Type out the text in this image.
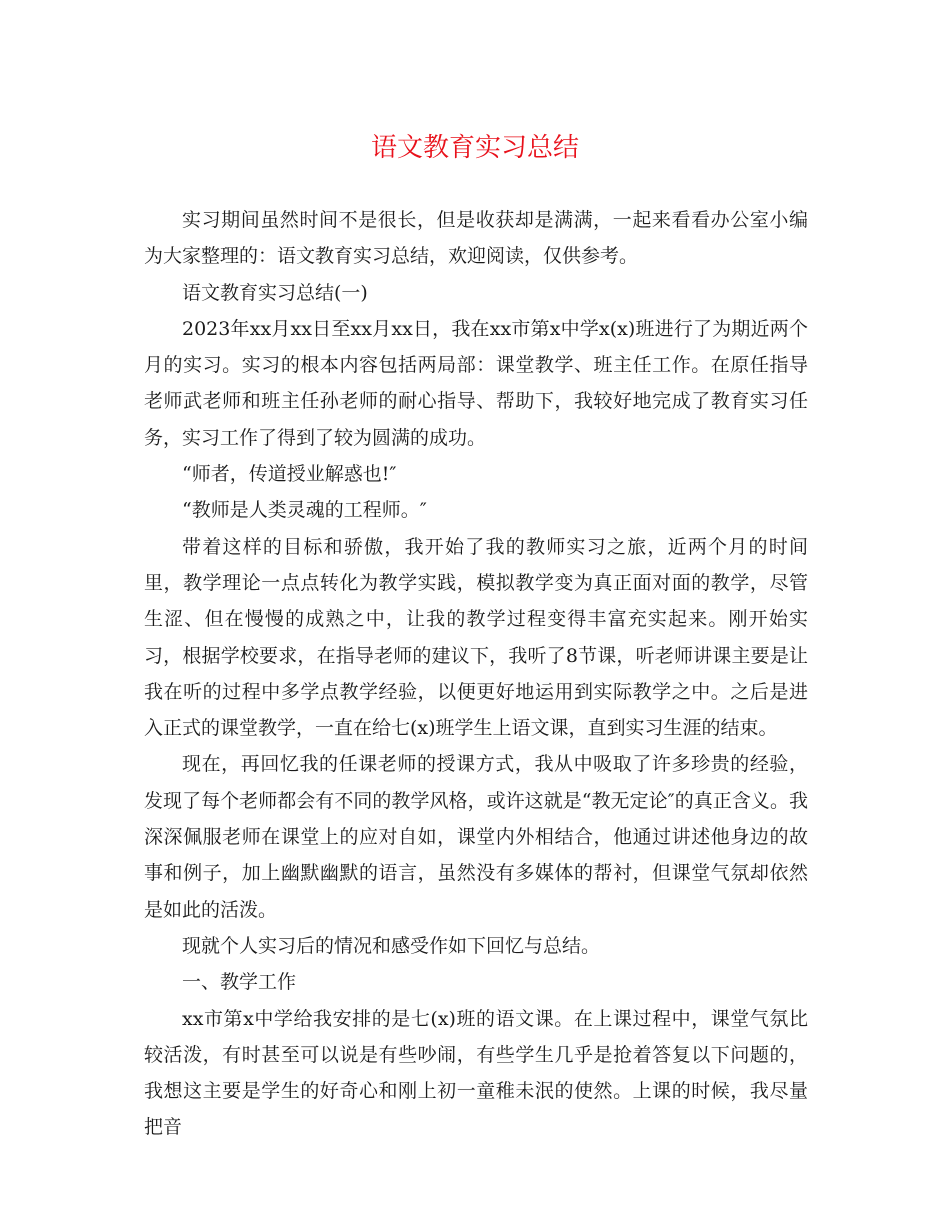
语文教育实习总结

实习期间虽然时间不是很长，但是收获却是满满，一起来看看办公室小编为大家整理的：语文教育实习总结，欢迎阅读，仅供参考。

语文教育实习总结(一)

2023年xx月xx日至xx月xx日，我在xx市第x中学x(x)班进行了为期近两个月的实习。实习的根本内容包括两局部：课堂教学、班主任工作。在原任指导老师武老师和班主任孙老师的耐心指导、帮助下，我较好地完成了教育实习任务，实习工作了得到了较为圆满的成功。

“师者，传道授业解惑也!″

“教师是人类灵魂的工程师。″

带着这样的目标和骄傲，我开始了我的教师实习之旅，近两个月的时间里，教学理论一点点转化为教学实践，模拟教学变为真正面对面的教学，尽管生涩、但在慢慢的成熟之中，让我的教学过程变得丰富充实起来。刚开始实习，根据学校要求，在指导老师的建议下，我听了8节课，听老师讲课主要是让我在听的过程中多学点教学经验，以便更好地运用到实际教学之中。之后是进入正式的课堂教学，一直在给七(x)班学生上语文课，直到实习生涯的结束。

现在，再回忆我的任课老师的授课方式，我从中吸取了许多珍贵的经验，发现了每个老师都会有不同的教学风格，或许这就是“教无定论″的真正含义。我深深佩服老师在课堂上的应对自如，课堂内外相结合，他通过讲述他身边的故事和例子，加上幽默幽默的语言，虽然没有多媒体的帮衬，但课堂气氛却依然是如此的活泼。

现就个人实习后的情况和感受作如下回忆与总结。

一、教学工作

xx市第x中学给我安排的是七(x)班的语文课。在上课过程中，课堂气氛比较活泼，有时甚至可以说是有些吵闹，有些学生几乎是抢着答复以下问题的，我想这主要是学生的好奇心和刚上初一童稚未泯的使然。上课的时候，我尽量把音
